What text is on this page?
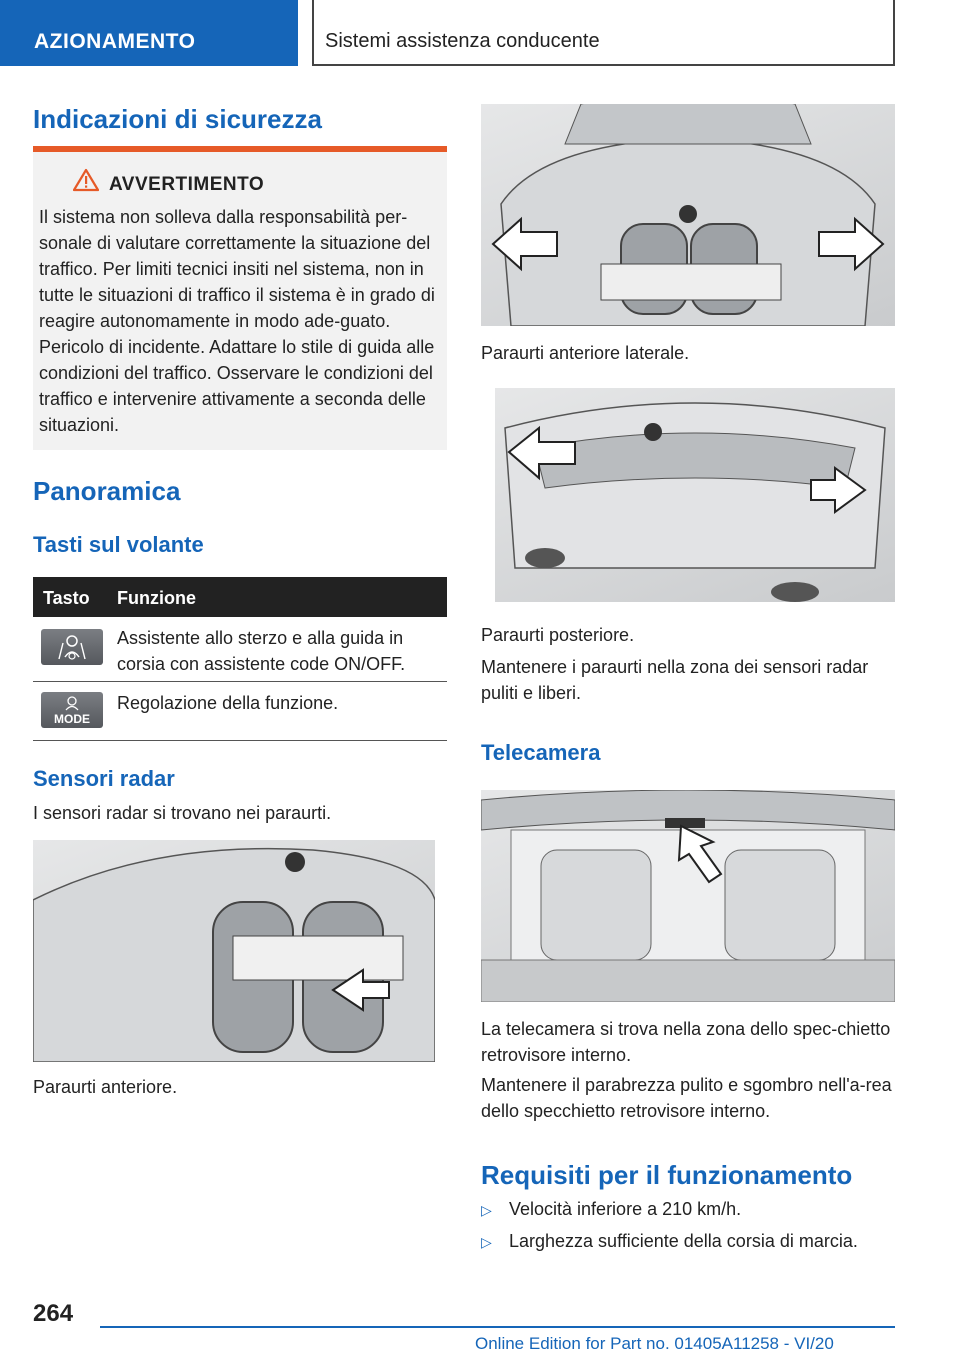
AZIONAMENTO	Sistemi assistenza conducente
Indicazioni di sicurezza
AVVERTIMENTO
Il sistema non solleva dalla responsabilità per-sonale di valutare correttamente la situazione del traffico. Per limiti tecnici insiti nel sistema, non in tutte le situazioni di traffico il sistema è in grado di reagire autonomamente in modo ade-guato. Pericolo di incidente. Adattare lo stile di guida alle condizioni del traffico. Osservare le condizioni del traffico e intervenire attivamente a seconda delle situazioni.
Panoramica
Tasti sul volante
Tasto Funzione
Assistente allo sterzo e alla guida in corsia con assistente code ON/OFF.
MODE
Regolazione della funzione.
Sensori radar
I sensori radar si trovano nei paraurti.
Paraurti anteriore.
Paraurti anteriore laterale.
Paraurti posteriore.
Mantenere i paraurti nella zona dei sensori radar puliti e liberi.
Telecamera
La telecamera si trova nella zona dello spec-chietto retrovisore interno.
Mantenere il parabrezza pulito e sgombro nell'a-rea dello specchietto retrovisore interno.
Requisiti per il funzionamento
▷ Velocità inferiore a 210 km/h.
▷ Larghezza sufficiente della corsia di marcia.
264
Online Edition for Part no. 01405A11258 - VI/20
